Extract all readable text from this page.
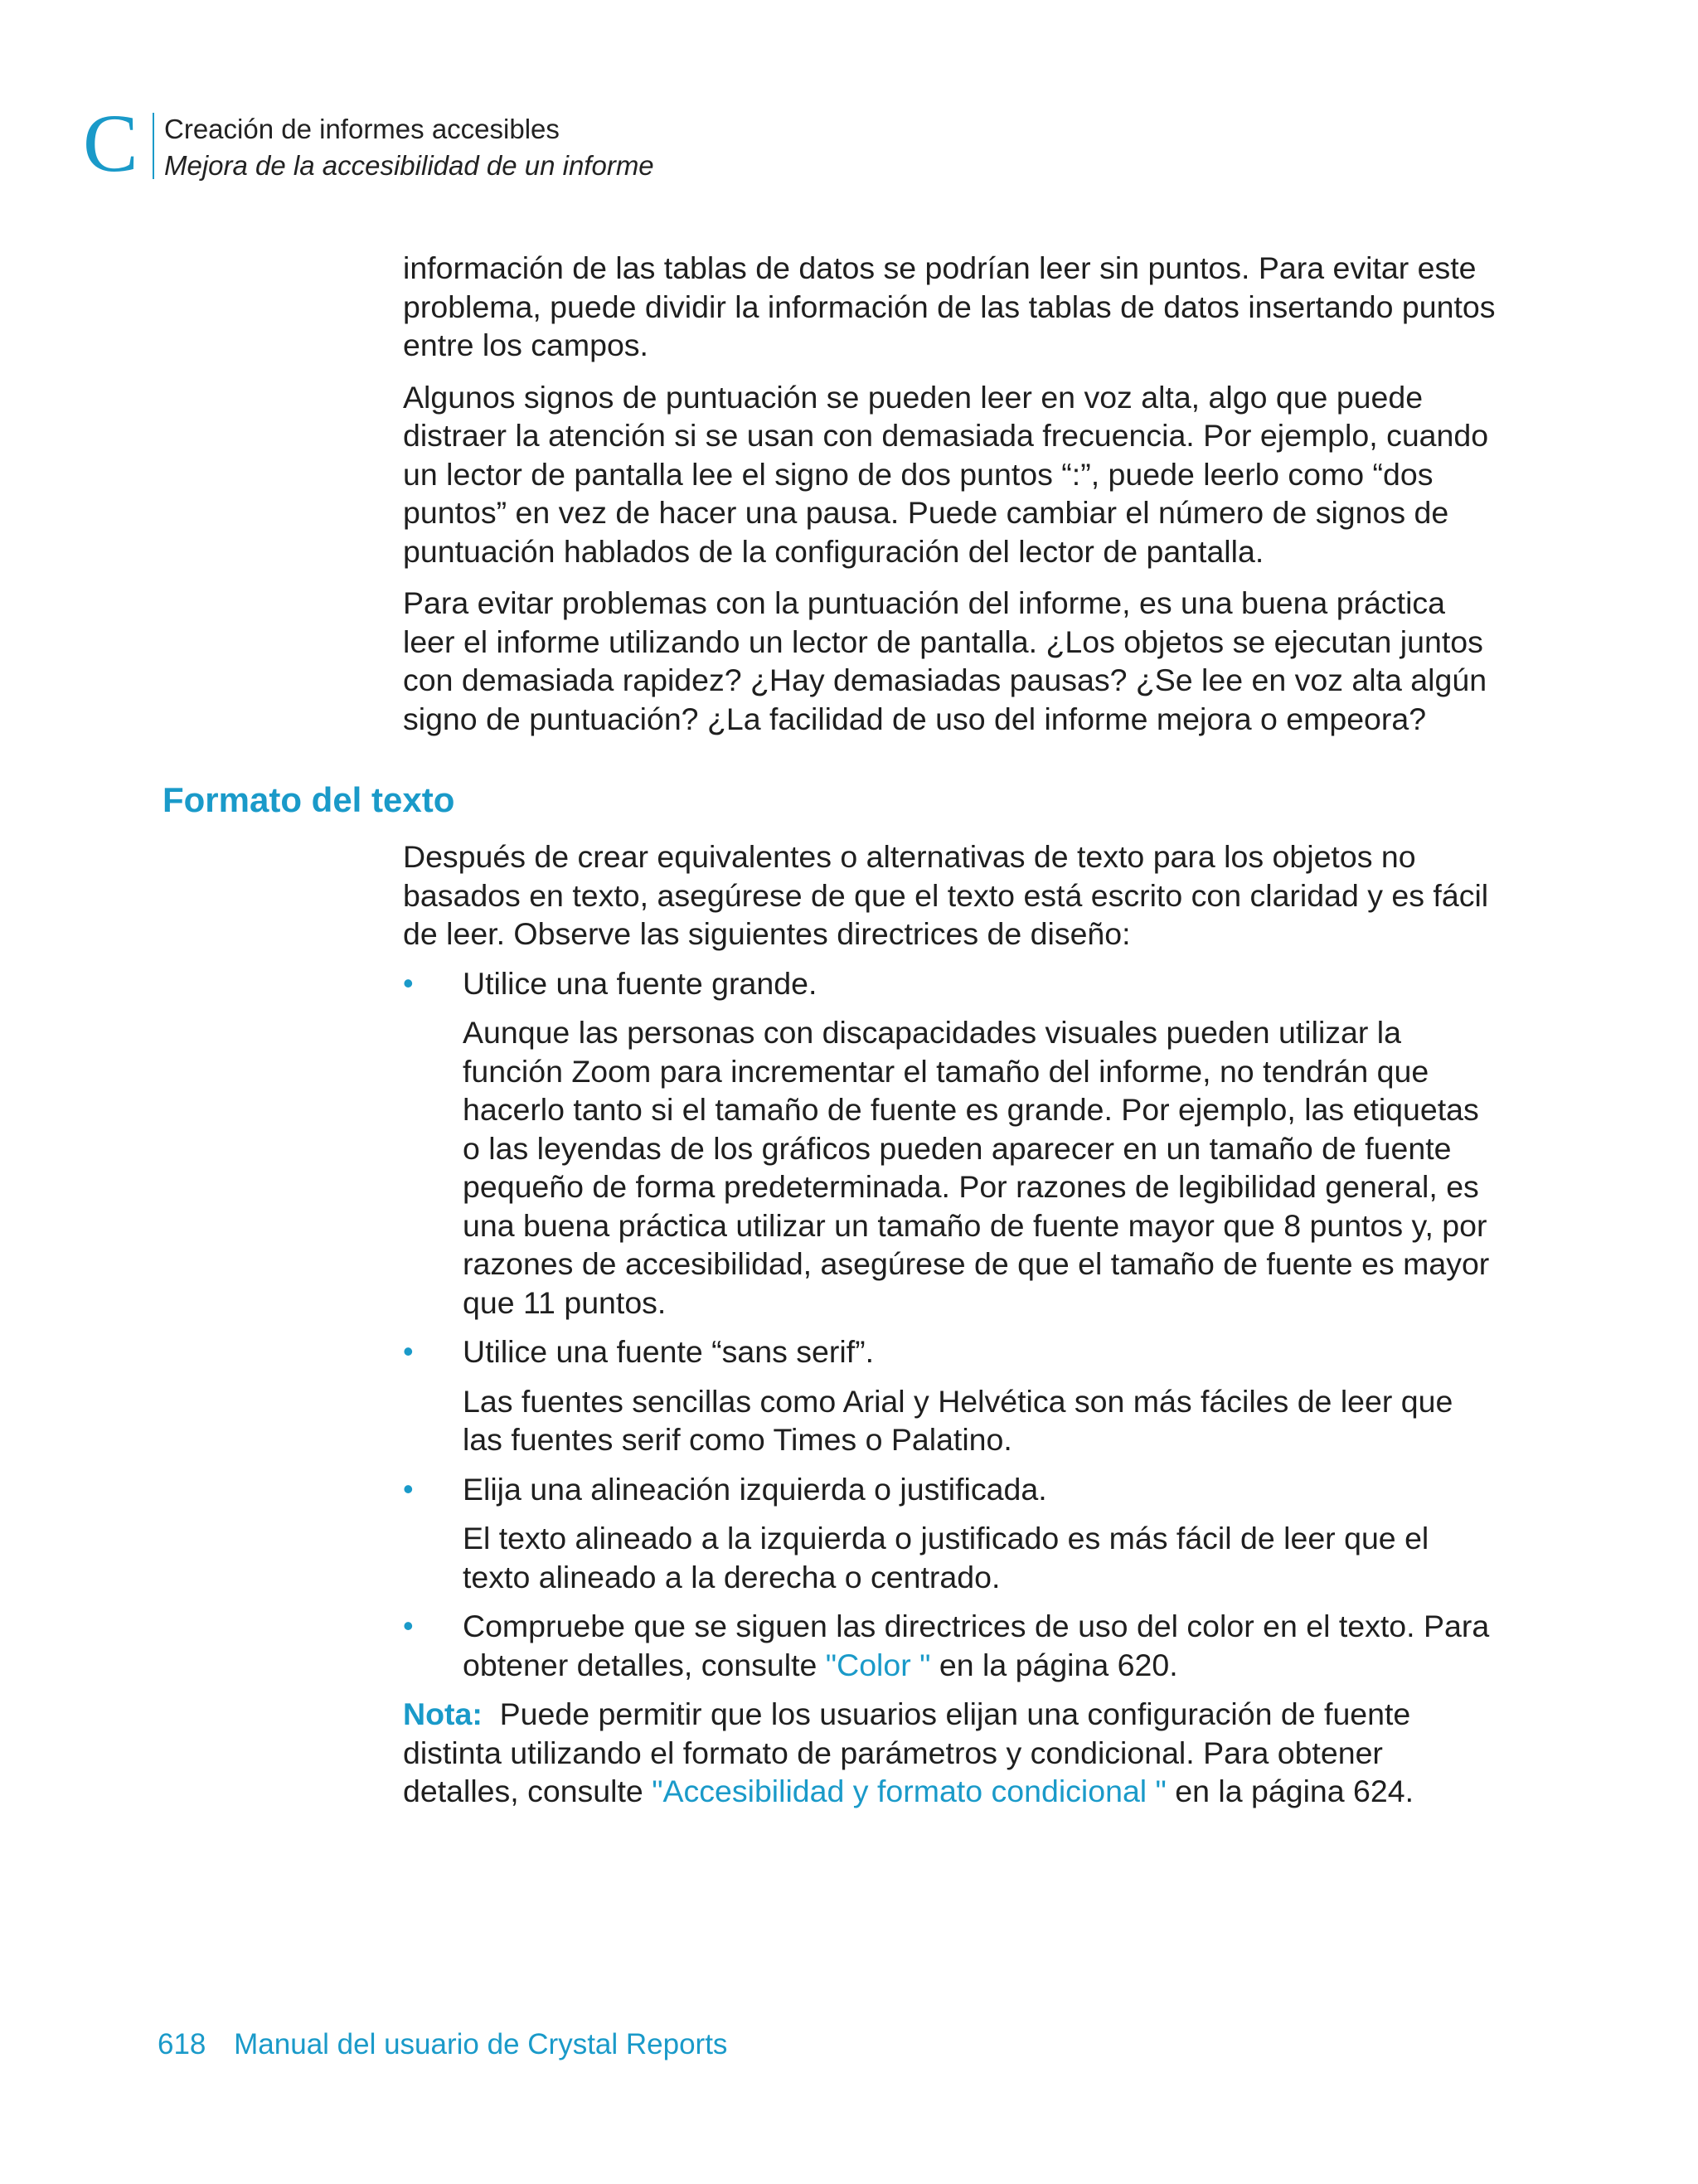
C Creación de informes accesibles
Mejora de la accesibilidad de un informe

información de las tablas de datos se podrían leer sin puntos. Para evitar este problema, puede dividir la información de las tablas de datos insertando puntos entre los campos.

Algunos signos de puntuación se pueden leer en voz alta, algo que puede distraer la atención si se usan con demasiada frecuencia. Por ejemplo, cuando un lector de pantalla lee el signo de dos puntos “:”, puede leerlo como “dos puntos” en vez de hacer una pausa. Puede cambiar el número de signos de puntuación hablados de la configuración del lector de pantalla.

Para evitar problemas con la puntuación del informe, es una buena práctica leer el informe utilizando un lector de pantalla. ¿Los objetos se ejecutan juntos con demasiada rapidez? ¿Hay demasiadas pausas? ¿Se lee en voz alta algún signo de puntuación? ¿La facilidad de uso del informe mejora o empeora?

Formato del texto

Después de crear equivalentes o alternativas de texto para los objetos no basados en texto, asegúrese de que el texto está escrito con claridad y es fácil de leer. Observe las siguientes directrices de diseño:

• Utilice una fuente grande.

Aunque las personas con discapacidades visuales pueden utilizar la función Zoom para incrementar el tamaño del informe, no tendrán que hacerlo tanto si el tamaño de fuente es grande. Por ejemplo, las etiquetas o las leyendas de los gráficos pueden aparecer en un tamaño de fuente pequeño de forma predeterminada. Por razones de legibilidad general, es una buena práctica utilizar un tamaño de fuente mayor que 8 puntos y, por razones de accesibilidad, asegúrese de que el tamaño de fuente es mayor que 11 puntos.

• Utilice una fuente “sans serif”.

Las fuentes sencillas como Arial y Helvética son más fáciles de leer que las fuentes serif como Times o Palatino.

• Elija una alineación izquierda o justificada.

El texto alineado a la izquierda o justificado es más fácil de leer que el texto alineado a la derecha o centrado.

• Compruebe que se siguen las directrices de uso del color en el texto. Para obtener detalles, consulte "Color " en la página 620.

Nota: Puede permitir que los usuarios elijan una configuración de fuente distinta utilizando el formato de parámetros y condicional. Para obtener detalles, consulte "Accesibilidad y formato condicional " en la página 624.

618 Manual del usuario de Crystal Reports
